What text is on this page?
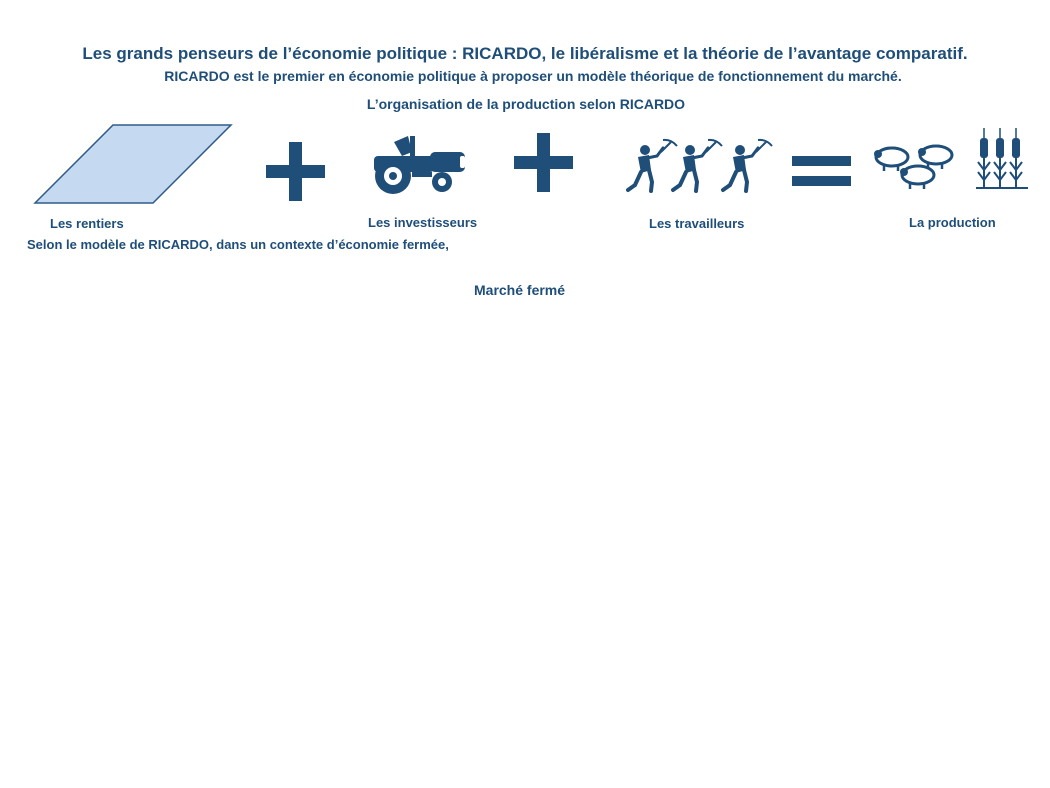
Les grands penseurs de l’économie politique : RICARDO, le libéralisme et la théorie de l’avantage comparatif.
RICARDO est le premier en économie politique à proposer un modèle théorique de fonctionnement du marché.
L’organisation de la production selon RICARDO
Les rentiers	Les investisseurs	Les travailleurs	La production
Selon le modèle de RICARDO, dans un contexte d’économie fermée,
Marché fermé
